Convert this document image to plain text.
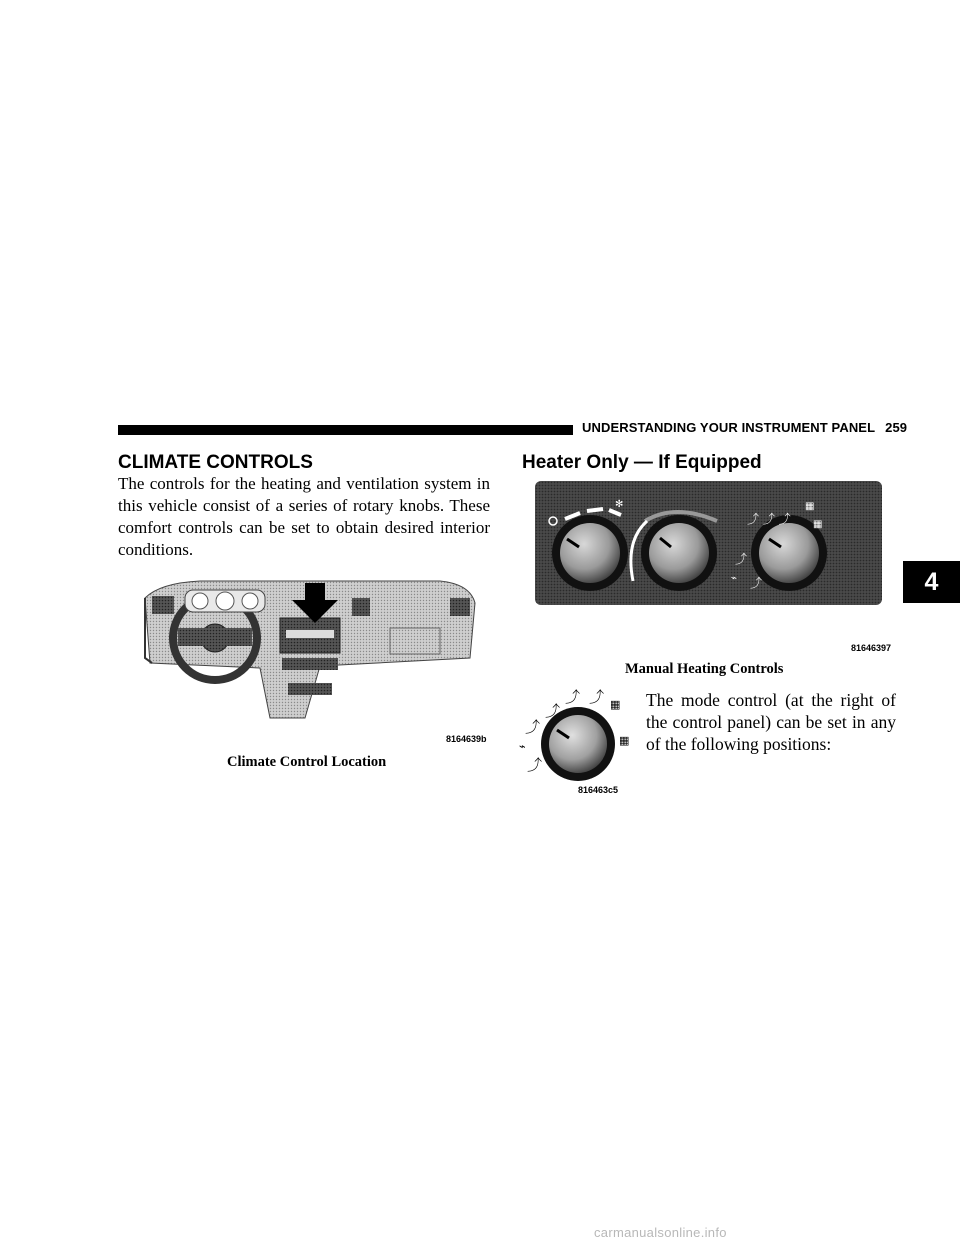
UNDERSTANDING YOUR INSTRUMENT PANEL 259
4
CLIMATE CONTROLS
The controls for the heating and ventilation system in this vehicle consist of a series of rotary knobs. These comfort controls can be set to obtain desired interior conditions.
8164639b
Climate Control Location
Heater Only — If Equipped
✻
⤴ ⤴ ⤴
▦
▦
⤴
⌁ ⤴
81646397
Manual Heating Controls
⤴
⤴ ⤴ ▦
▦
⤴
⌁
⤴
816463c5
The mode control (at the right of the control panel) can be set in any of the following positions:
carmanualsonline.info
